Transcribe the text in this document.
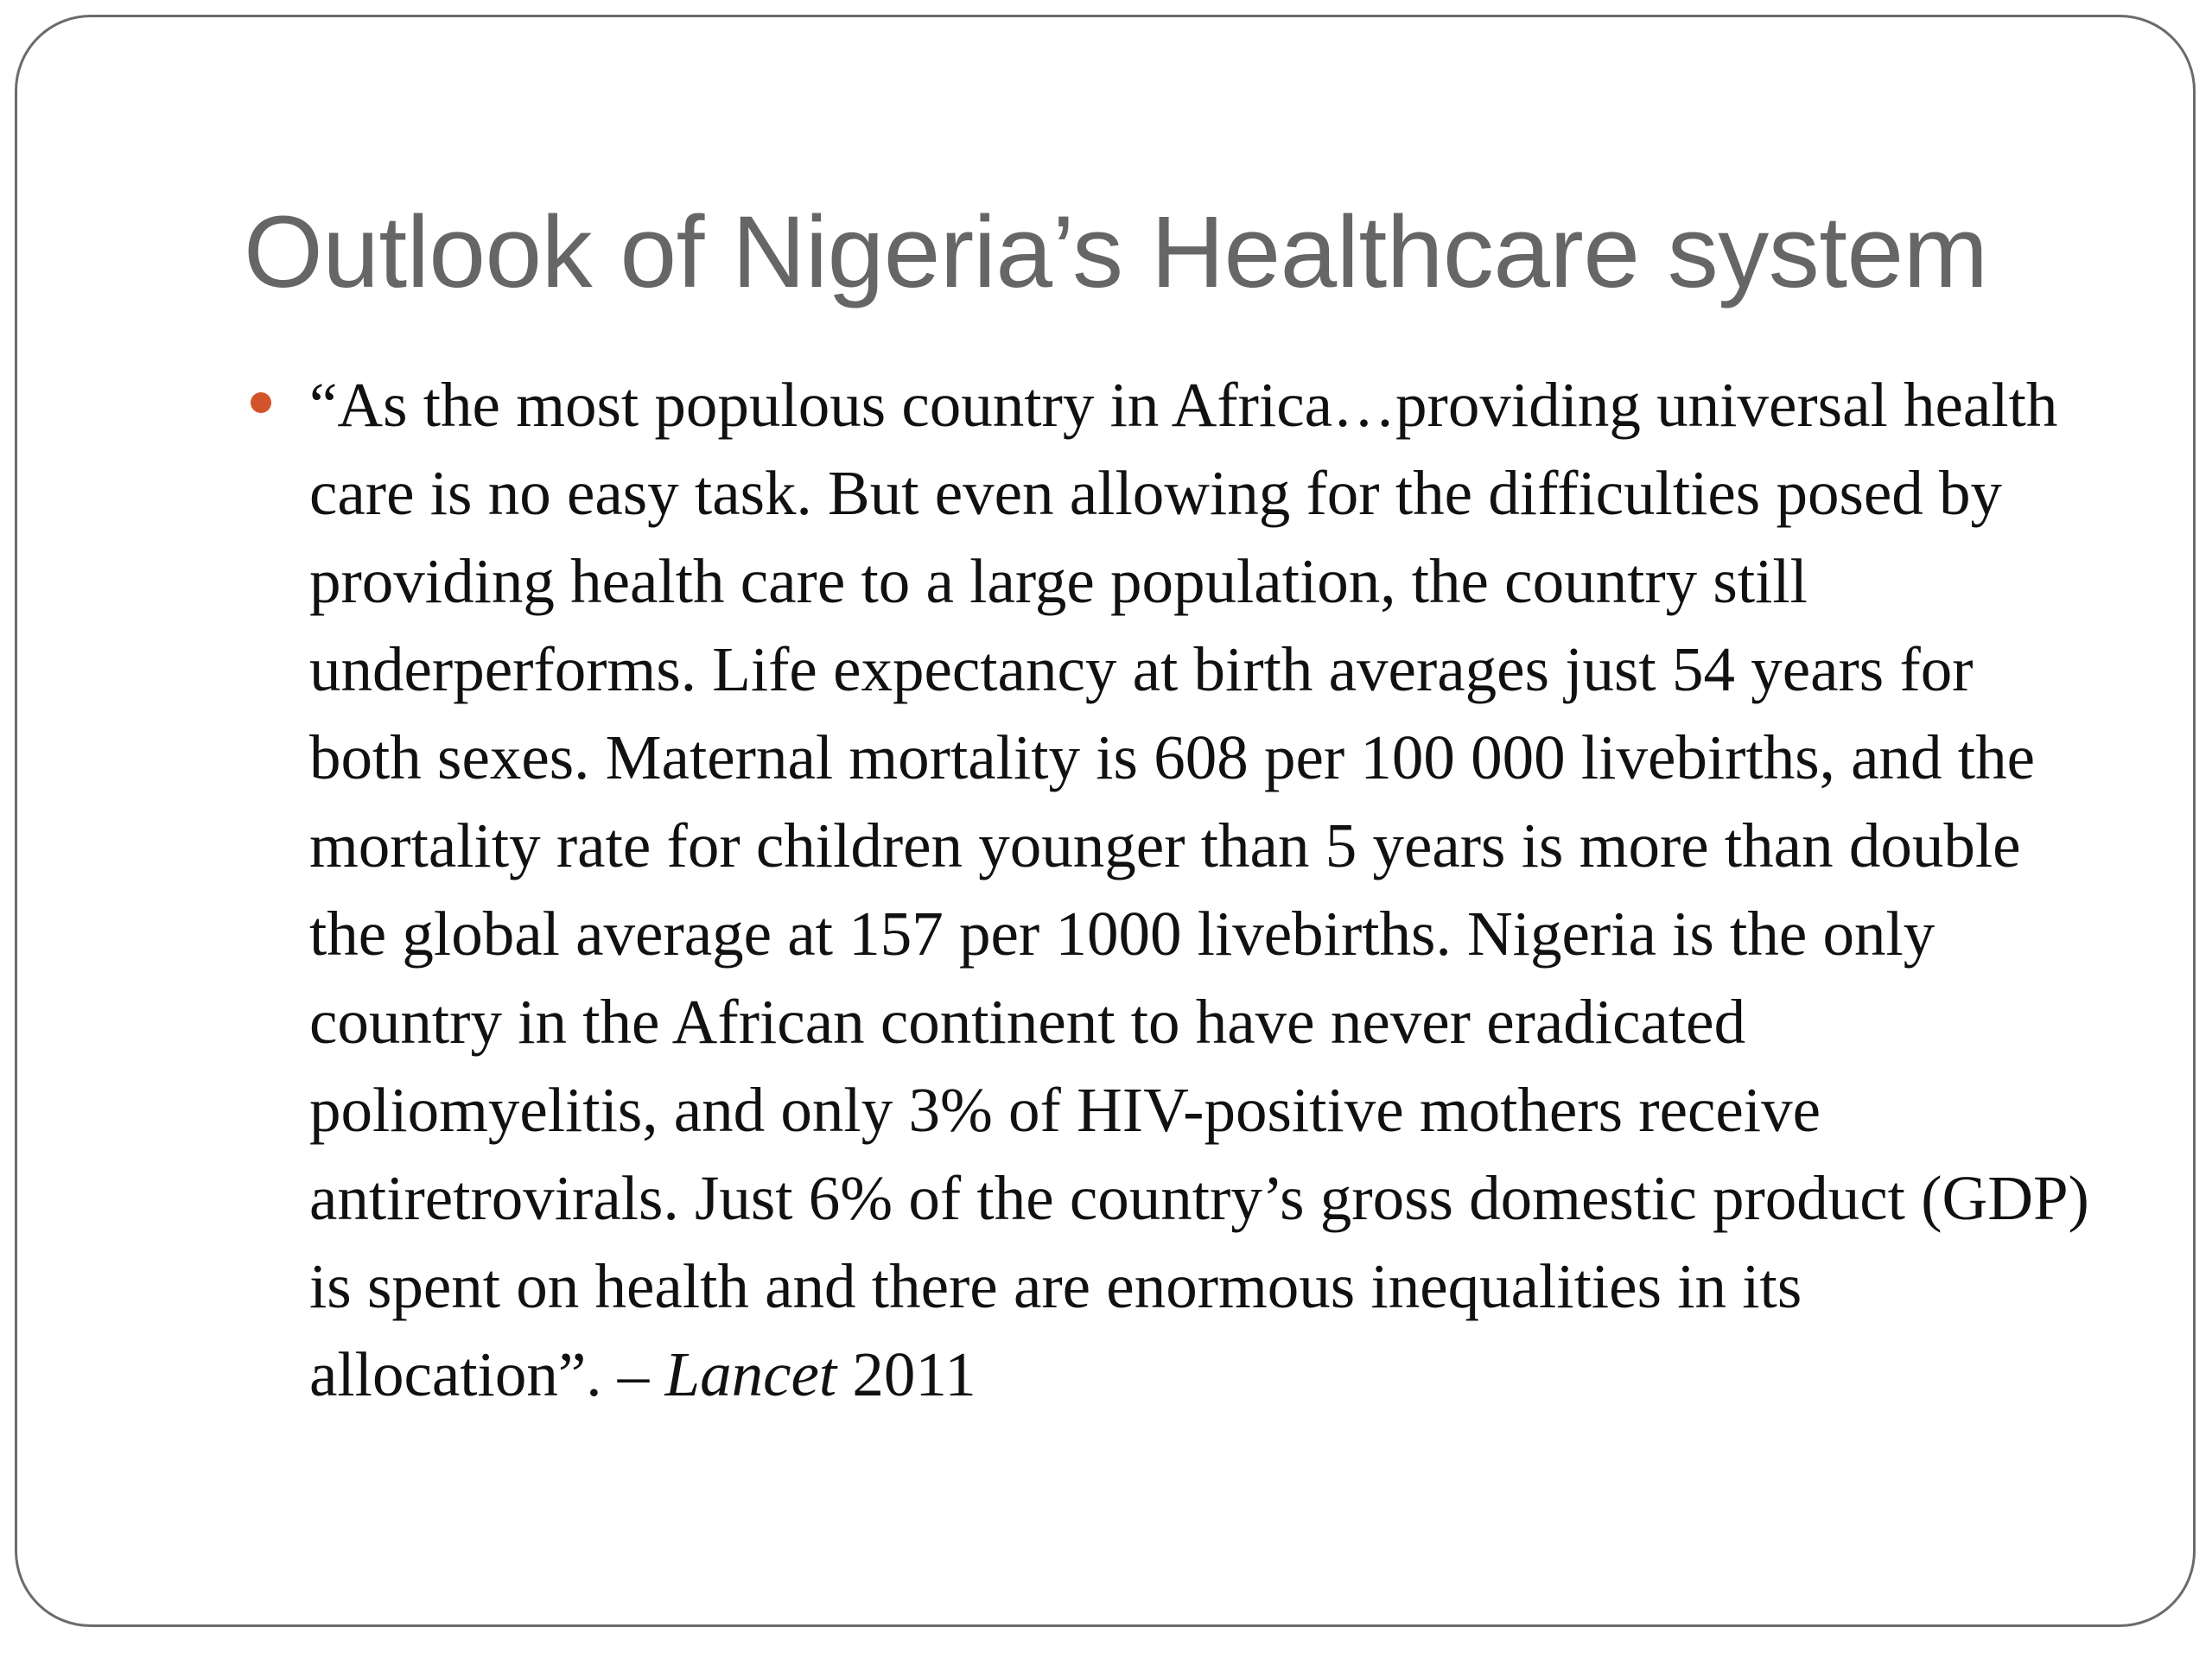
Outlook of Nigeria’s Healthcare system

“As the most populous country in Africa…providing universal health care is no easy task. But even allowing for the difficulties posed by providing health care to a large population, the country still underperforms. Life expectancy at birth averages just 54 years for both sexes. Maternal mortality is 608 per 100 000 livebirths, and the mortality rate for children younger than 5 years is more than double the global average at 157 per 1000 livebirths. Nigeria is the only country in the African continent to have never eradicated poliomyelitis, and only 3% of HIV-positive mothers receive antiretrovirals. Just 6% of the country’s gross domestic product (GDP) is spent on health and there are enormous inequalities in its allocation”. – Lancet 2011
